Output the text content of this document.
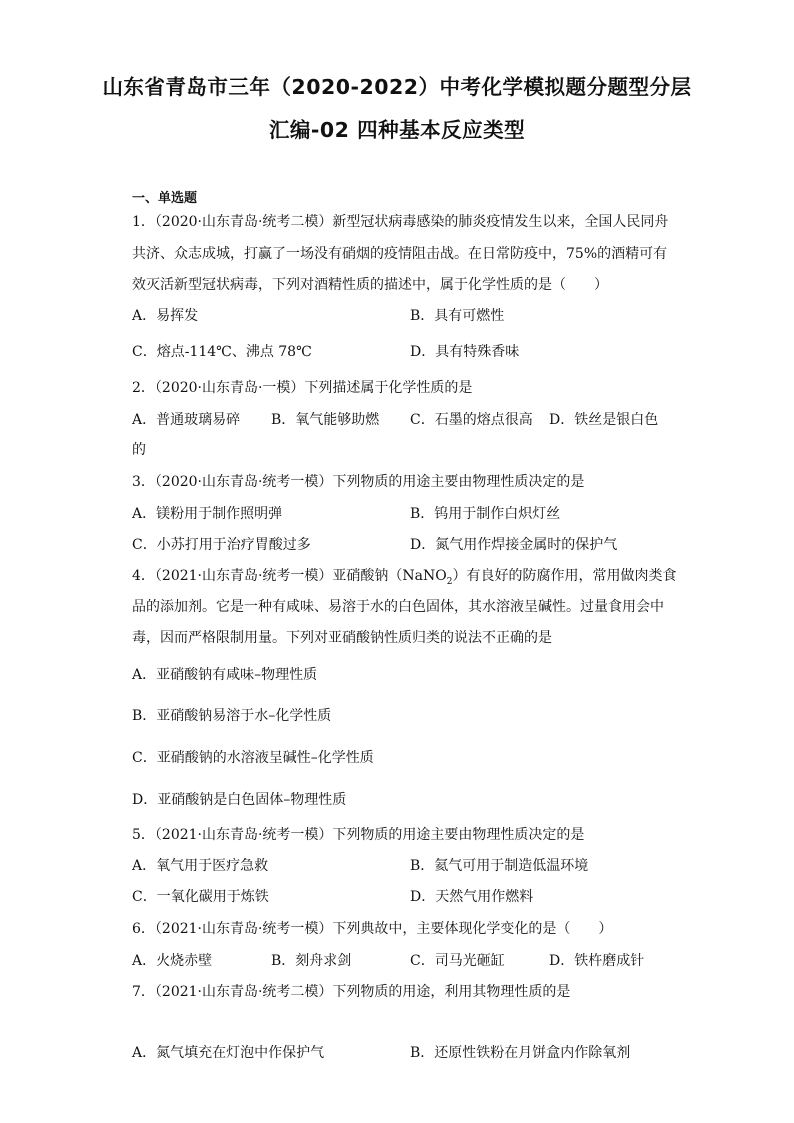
山东省青岛市三年（2020-2022）中考化学模拟题分题型分层
汇编-02 四种基本反应类型
一、单选题
1．（2020·山东青岛·统考二模）新型冠状病毒感染的肺炎疫情发生以来，全国人民同舟
共济、众志成城，打赢了一场没有硝烟的疫情阻击战。在日常防疫中，75%的酒精可有
效灭活新型冠状病毒，下列对酒精性质的描述中，属于化学性质的是（　　）
A．易挥发	B．具有可燃性
C．熔点-114℃、沸点 78℃	D．具有特殊香味
2．（2020·山东青岛·一模）下列描述属于化学性质的是
A．普通玻璃易碎 B．氧气能够助燃 C．石墨的熔点很高 D．铁丝是银白色
的
3．（2020·山东青岛·统考一模）下列物质的用途主要由物理性质决定的是
A．镁粉用于制作照明弹	B．钨用于制作白炽灯丝
C．小苏打用于治疗胃酸过多	D．氮气用作焊接金属时的保护气
4．（2021·山东青岛·统考一模）亚硝酸钠（NaNO$_2$）有良好的防腐作用，常用做肉类食
品的添加剂。它是一种有咸味、易溶于水的白色固体，其水溶液呈碱性。过量食用会中
毒，因而严格限制用量。下列对亚硝酸钠性质归类的说法不正确的是
A．亚硝酸钠有咸味–物理性质
B．亚硝酸钠易溶于水–化学性质
C．亚硝酸钠的水溶液呈碱性–化学性质
D．亚硝酸钠是白色固体–物理性质
5．（2021·山东青岛·统考一模）下列物质的用途主要由物理性质决定的是
A．氧气用于医疗急救	B．氦气可用于制造低温环境
C．一氧化碳用于炼铁	D．天然气用作燃料
6．（2021·山东青岛·统考一模）下列典故中，主要体现化学变化的是（　　）
A．火烧赤壁	B．刻舟求剑	C．司马光砸缸	D．铁杵磨成针
7．（2021·山东青岛·统考二模）下列物质的用途，利用其物理性质的是
A．氮气填充在灯泡中作保护气	B．还原性铁粉在月饼盒内作除氧剂
